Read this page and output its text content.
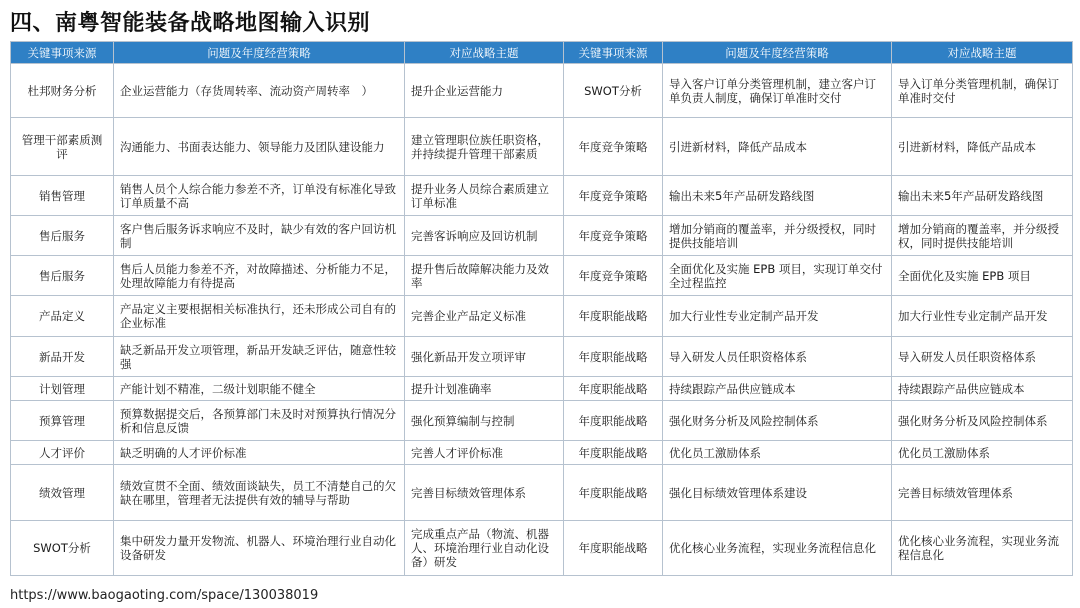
四、南粤智能装备战略地图输入识别
关键事项来源	问题及年度经营策略	对应战略主题	关键事项来源	问题及年度经营策略	对应战略主题
杜邦财务分析	企业运营能力（存货周转率、流动资产周转率　）	提升企业运营能力	SWOT分析	导入客户订单分类管理机制，建立客户订单负责人制度，确保订单准时交付	导入订单分类管理机制，确保订单准时交付
管理干部素质测评	沟通能力、书面表达能力、领导能力及团队建设能力	建立管理职位族任职资格，并持续提升管理干部素质	年度竞争策略	引进新材料，降低产品成本	引进新材料，降低产品成本
销售管理	销售人员个人综合能力参差不齐，订单没有标准化导致订单质量不高	提升业务人员综合素质建立订单标准	年度竞争策略	输出未来5年产品研发路线图	输出未来5年产品研发路线图
售后服务	客户售后服务诉求响应不及时，缺少有效的客户回访机制	完善客诉响应及回访机制	年度竞争策略	增加分销商的覆盖率，并分级授权，同时提供技能培训	增加分销商的覆盖率，并分级授权，同时提供技能培训
售后服务	售后人员能力参差不齐，对故障描述、分析能力不足，处理故障能力有待提高	提升售后故障解决能力及效率	年度竞争策略	全面优化及实施 EPB 项目，实现订单交付全过程监控	全面优化及实施 EPB 项目
产品定义	产品定义主要根据相关标准执行，还未形成公司自有的企业标准	完善企业产品定义标准	年度职能战略	加大行业性专业定制产品开发	加大行业性专业定制产品开发
新品开发	缺乏新品开发立项管理，新品开发缺乏评估，随意性较强	强化新品开发立项评审	年度职能战略	导入研发人员任职资格体系	导入研发人员任职资格体系
计划管理	产能计划不精准，二级计划职能不健全	提升计划准确率	年度职能战略	持续跟踪产品供应链成本	持续跟踪产品供应链成本
预算管理	预算数据提交后，各预算部门未及时对预算执行情况分析和信息反馈	强化预算编制与控制	年度职能战略	强化财务分析及风险控制体系	强化财务分析及风险控制体系
人才评价	缺乏明确的人才评价标准	完善人才评价标准	年度职能战略	优化员工激励体系	优化员工激励体系
绩效管理	绩效宣贯不全面、绩效面谈缺失，员工不清楚自己的欠缺在哪里，管理者无法提供有效的辅导与帮助	完善目标绩效管理体系	年度职能战略	强化目标绩效管理体系建设	完善目标绩效管理体系
SWOT分析	集中研发力量开发物流、机器人、环境治理行业自动化设备研发	完成重点产品（物流、机器人、环境治理行业自动化设备）研发	年度职能战略	优化核心业务流程，实现业务流程信息化	优化核心业务流程，实现业务流程信息化
https://www.baogaoting.com/space/130038019
